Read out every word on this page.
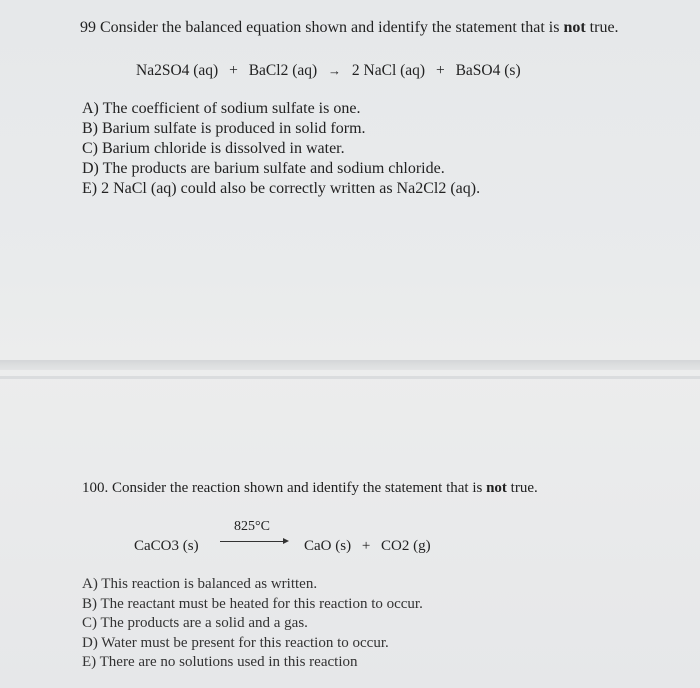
99 Consider the balanced equation shown and identify the statement that is not true.
Na2SO4 (aq) + BaCl2 (aq) → 2 NaCl (aq) + BaSO4 (s)
A) The coefficient of sodium sulfate is one.
B) Barium sulfate is produced in solid form.
C) Barium chloride is dissolved in water.
D) The products are barium sulfate and sodium chloride.
E) 2 NaCl (aq) could also be correctly written as Na2Cl2 (aq).
100. Consider the reaction shown and identify the statement that is not true.
CaCO3 (s)
825°C
CaO (s) + CO2 (g)
A) This reaction is balanced as written.
B) The reactant must be heated for this reaction to occur.
C) The products are a solid and a gas.
D) Water must be present for this reaction to occur.
E) There are no solutions used in this reaction
